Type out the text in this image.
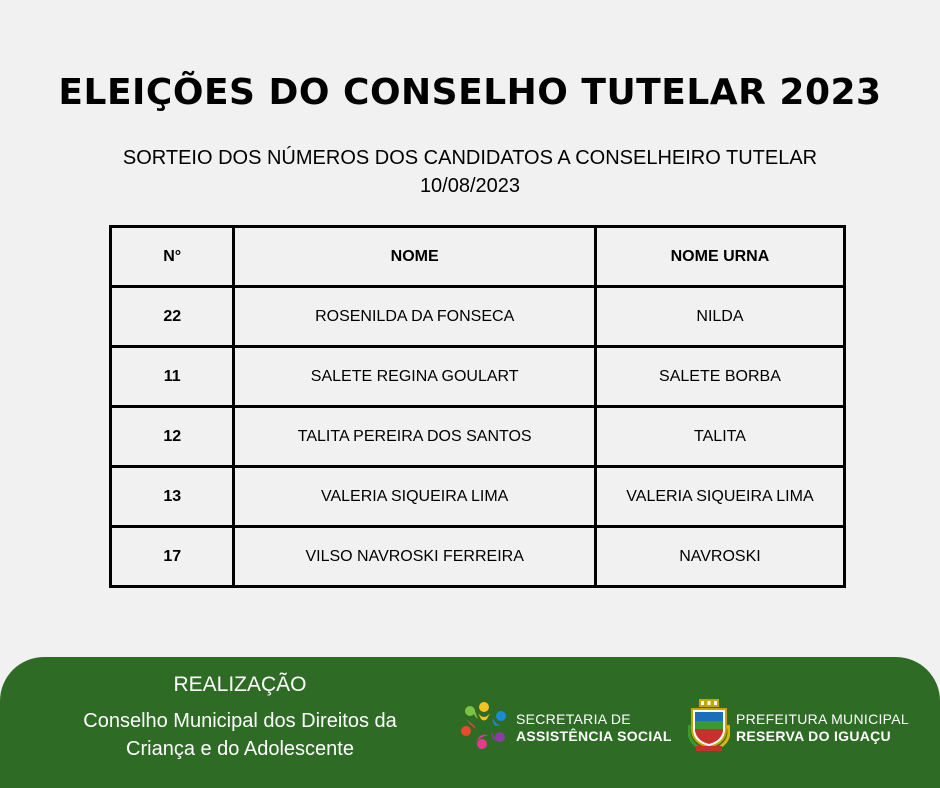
ELEIÇÕES DO CONSELHO TUTELAR 2023
SORTEIO DOS NÚMEROS DOS CANDIDATOS A CONSELHEIRO TUTELAR
10/08/2023
N°	NOME	NOME URNA
22	ROSENILDA DA FONSECA	NILDA
11	SALETE REGINA GOULART	SALETE BORBA
12	TALITA PEREIRA DOS SANTOS	TALITA
13	VALERIA SIQUEIRA LIMA	VALERIA SIQUEIRA LIMA
17	VILSO NAVROSKI FERREIRA	NAVROSKI
REALIZAÇÃO
Conselho Municipal dos Direitos da
Criança e do Adolescente
SECRETARIA DE
ASSISTÊNCIA SOCIAL
PREFEITURA MUNICIPAL
RESERVA DO IGUAÇU
